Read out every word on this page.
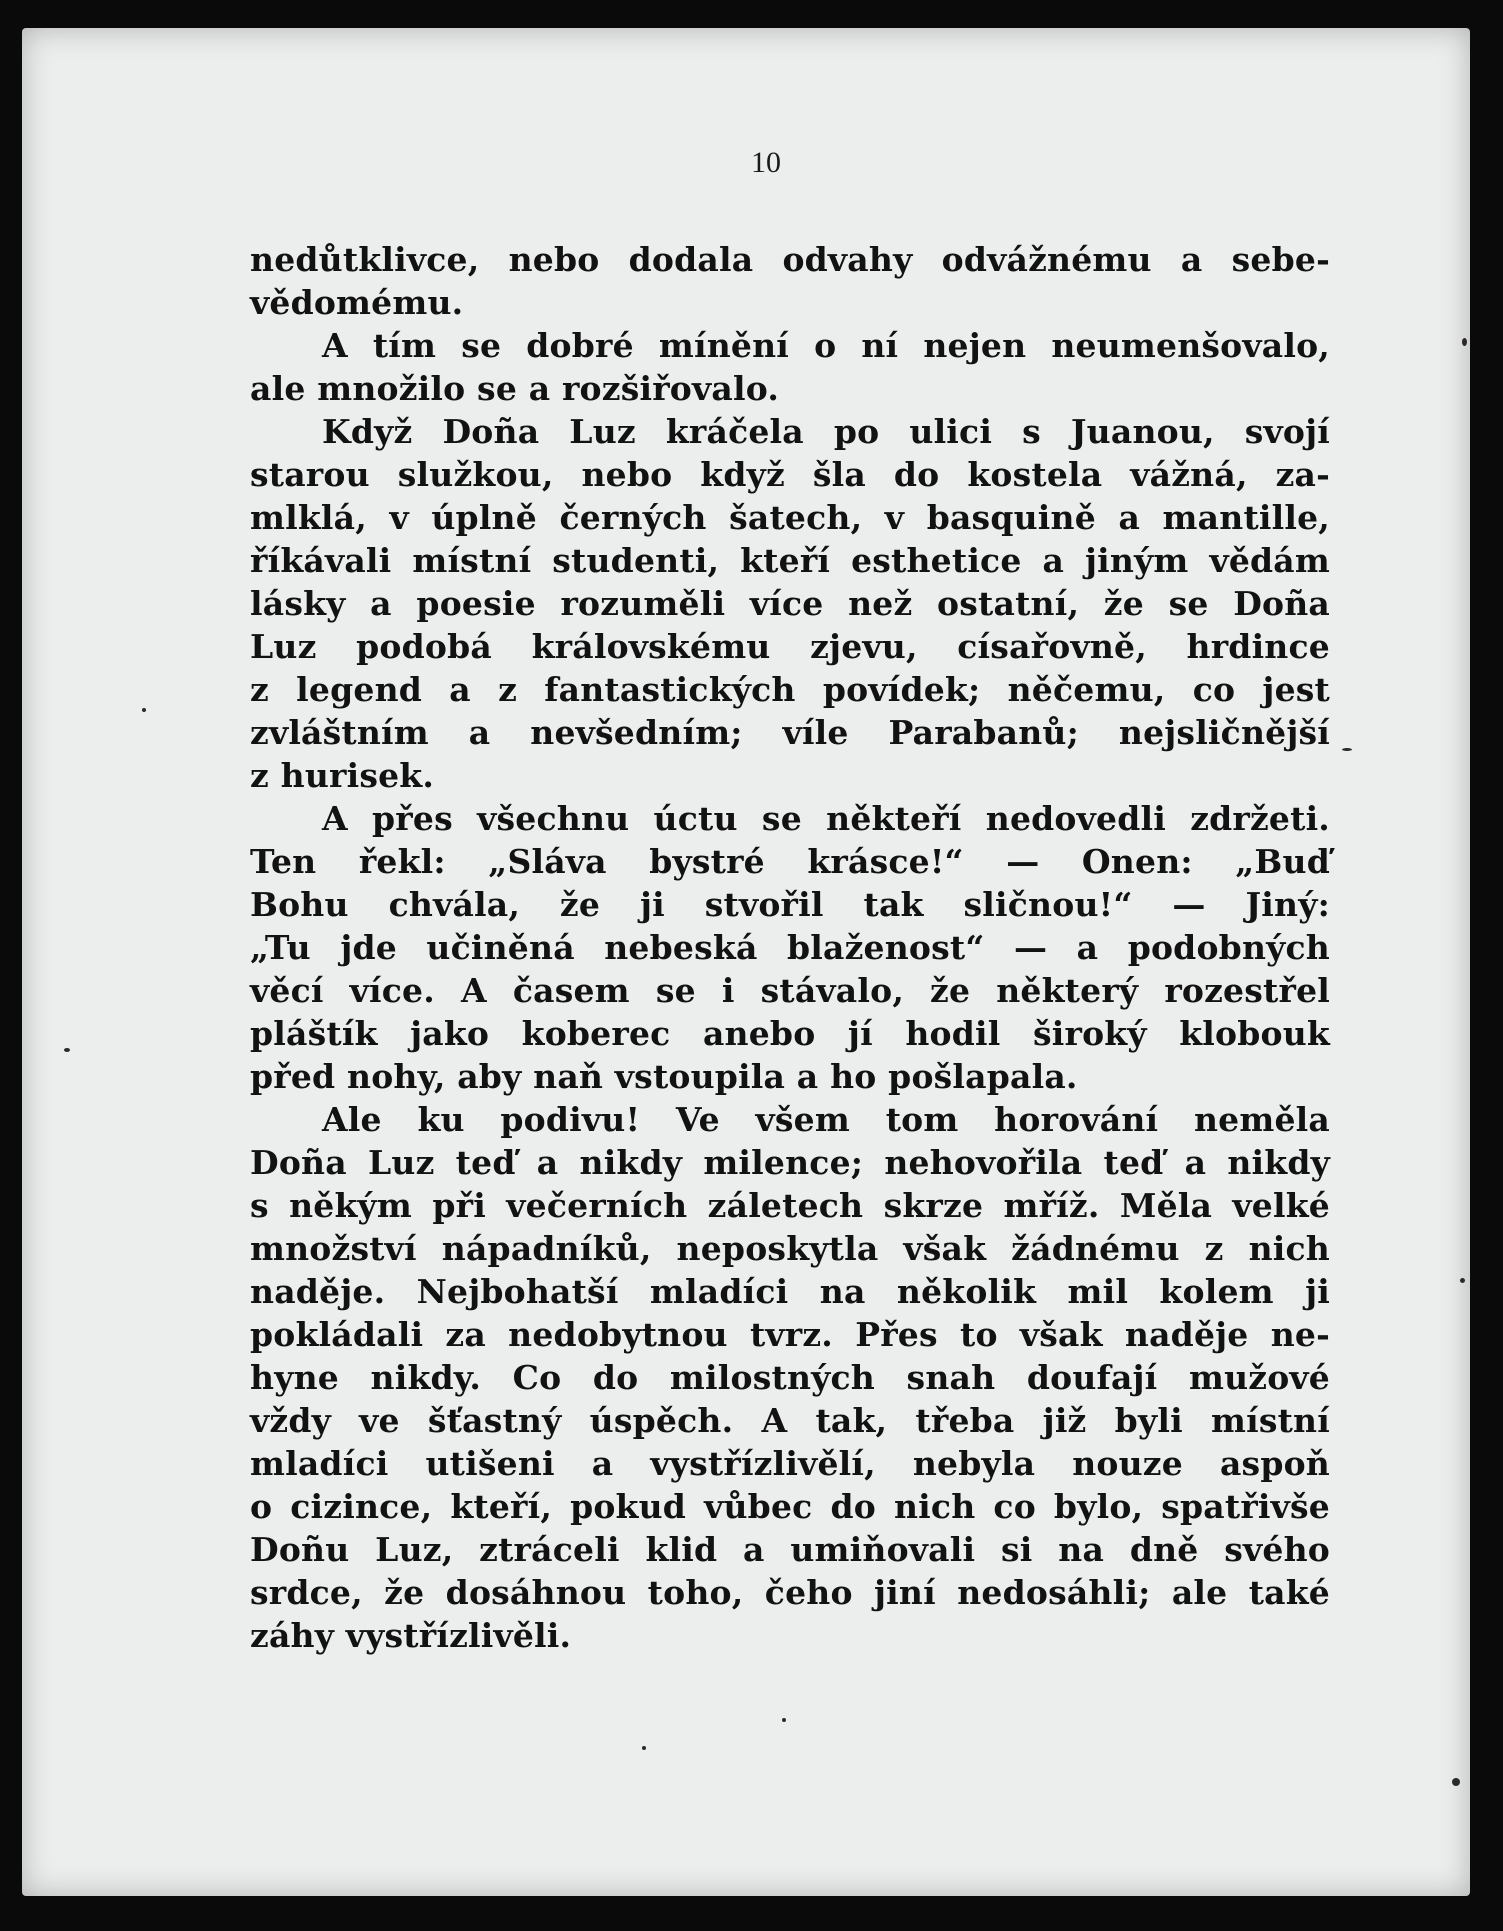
10
nedůtklivce, nebo dodala odvahy odvážnému a sebe-
vědomému.
A tím se dobré mínění o ní nejen neumenšovalo,
ale množilo se a rozšiřovalo.
Když Doña Luz kráčela po ulici s Juanou, svojí
starou služkou, nebo když šla do kostela vážná, za-
mlklá, v úplně černých šatech, v basquině a mantille,
říkávali místní studenti, kteří esthetice a jiným vědám
lásky a poesie rozuměli více než ostatní, že se Doña
Luz podobá královskému zjevu, císařovně, hrdince
z legend a z fantastických povídek; něčemu, co jest
zvláštním a nevšedním; víle Parabanů; nejsličnější
z hurisek.
A přes všechnu úctu se někteří nedovedli zdržeti.
Ten řekl: „Sláva bystré krásce!“ — Onen: „Buď
Bohu chvála, že ji stvořil tak sličnou!“ — Jiný:
„Tu jde učiněná nebeská blaženost“ — a podobných
věcí více. A časem se i stávalo, že některý rozestřel
pláštík jako koberec anebo jí hodil široký klobouk
před nohy, aby naň vstoupila a ho pošlapala.
Ale ku podivu! Ve všem tom horování neměla
Doña Luz teď a nikdy milence; nehovořila teď a nikdy
s někým při večerních záletech skrze mříž. Měla velké
množství nápadníků, neposkytla však žádnému z nich
naděje. Nejbohatší mladíci na několik mil kolem ji
pokládali za nedobytnou tvrz. Přes to však naděje ne-
hyne nikdy. Co do milostných snah doufají mužové
vždy ve šťastný úspěch. A tak, třeba již byli místní
mladíci utišeni a vystřízlivělí, nebyla nouze aspoň
o cizince, kteří, pokud vůbec do nich co bylo, spatřivše
Doñu Luz, ztráceli klid a umiňovali si na dně svého
srdce, že dosáhnou toho, čeho jiní nedosáhli; ale také
záhy vystřízlivěli.
